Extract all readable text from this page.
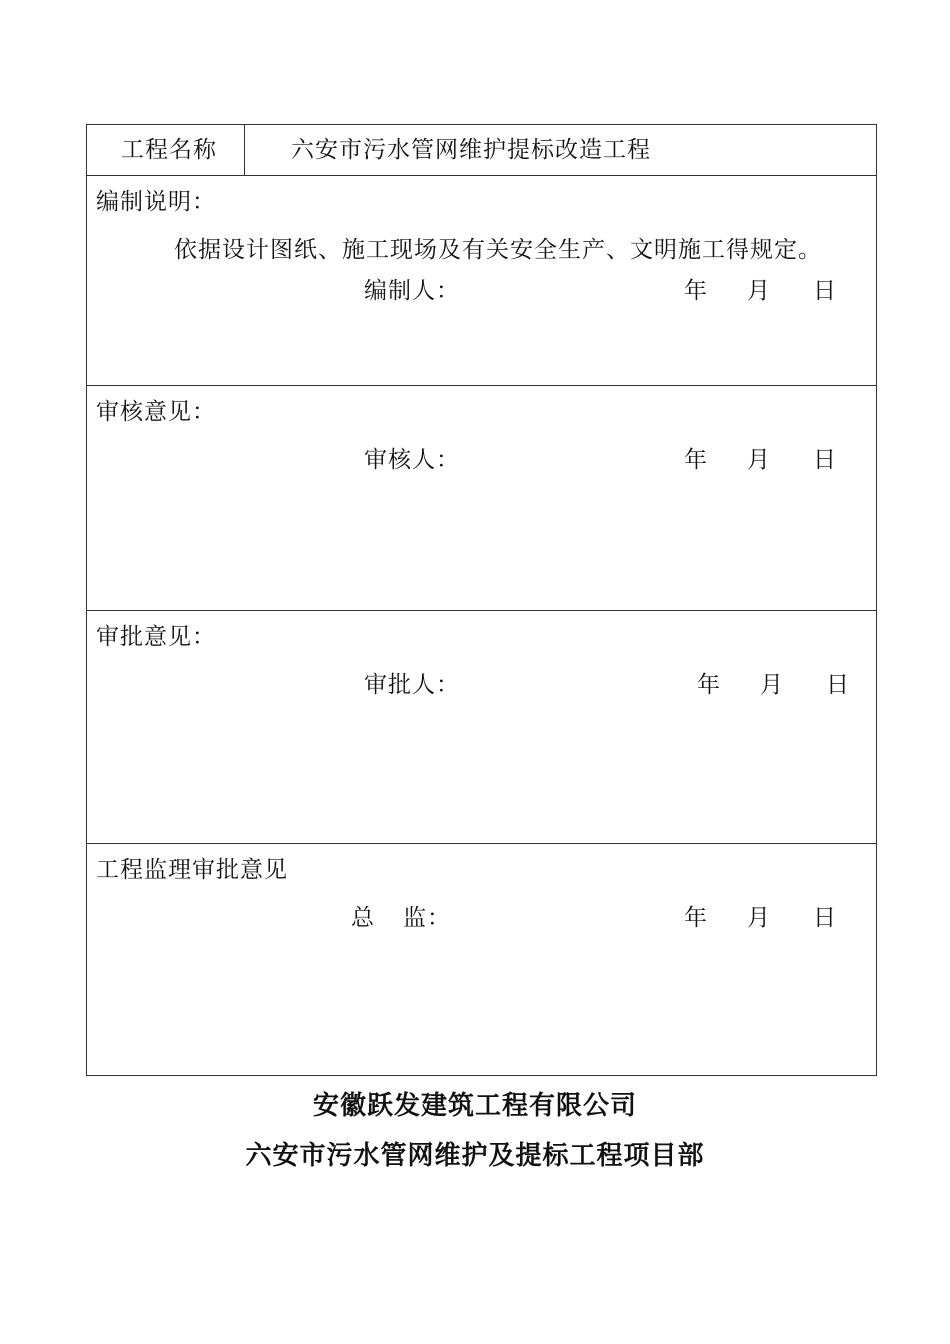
工程名称	六安市污水管网维护提标改造工程
编制说明：
依据设计图纸、施工现场及有关安全生产、文明施工得规定。
编制人：	年 月 日
审核意见：
审核人：	年 月 日
审批意见：
审批人：	年 月 日
工程监理审批意见
总 监：	年 月 日
安徽跃发建筑工程有限公司
六安市污水管网维护及提标工程项目部
